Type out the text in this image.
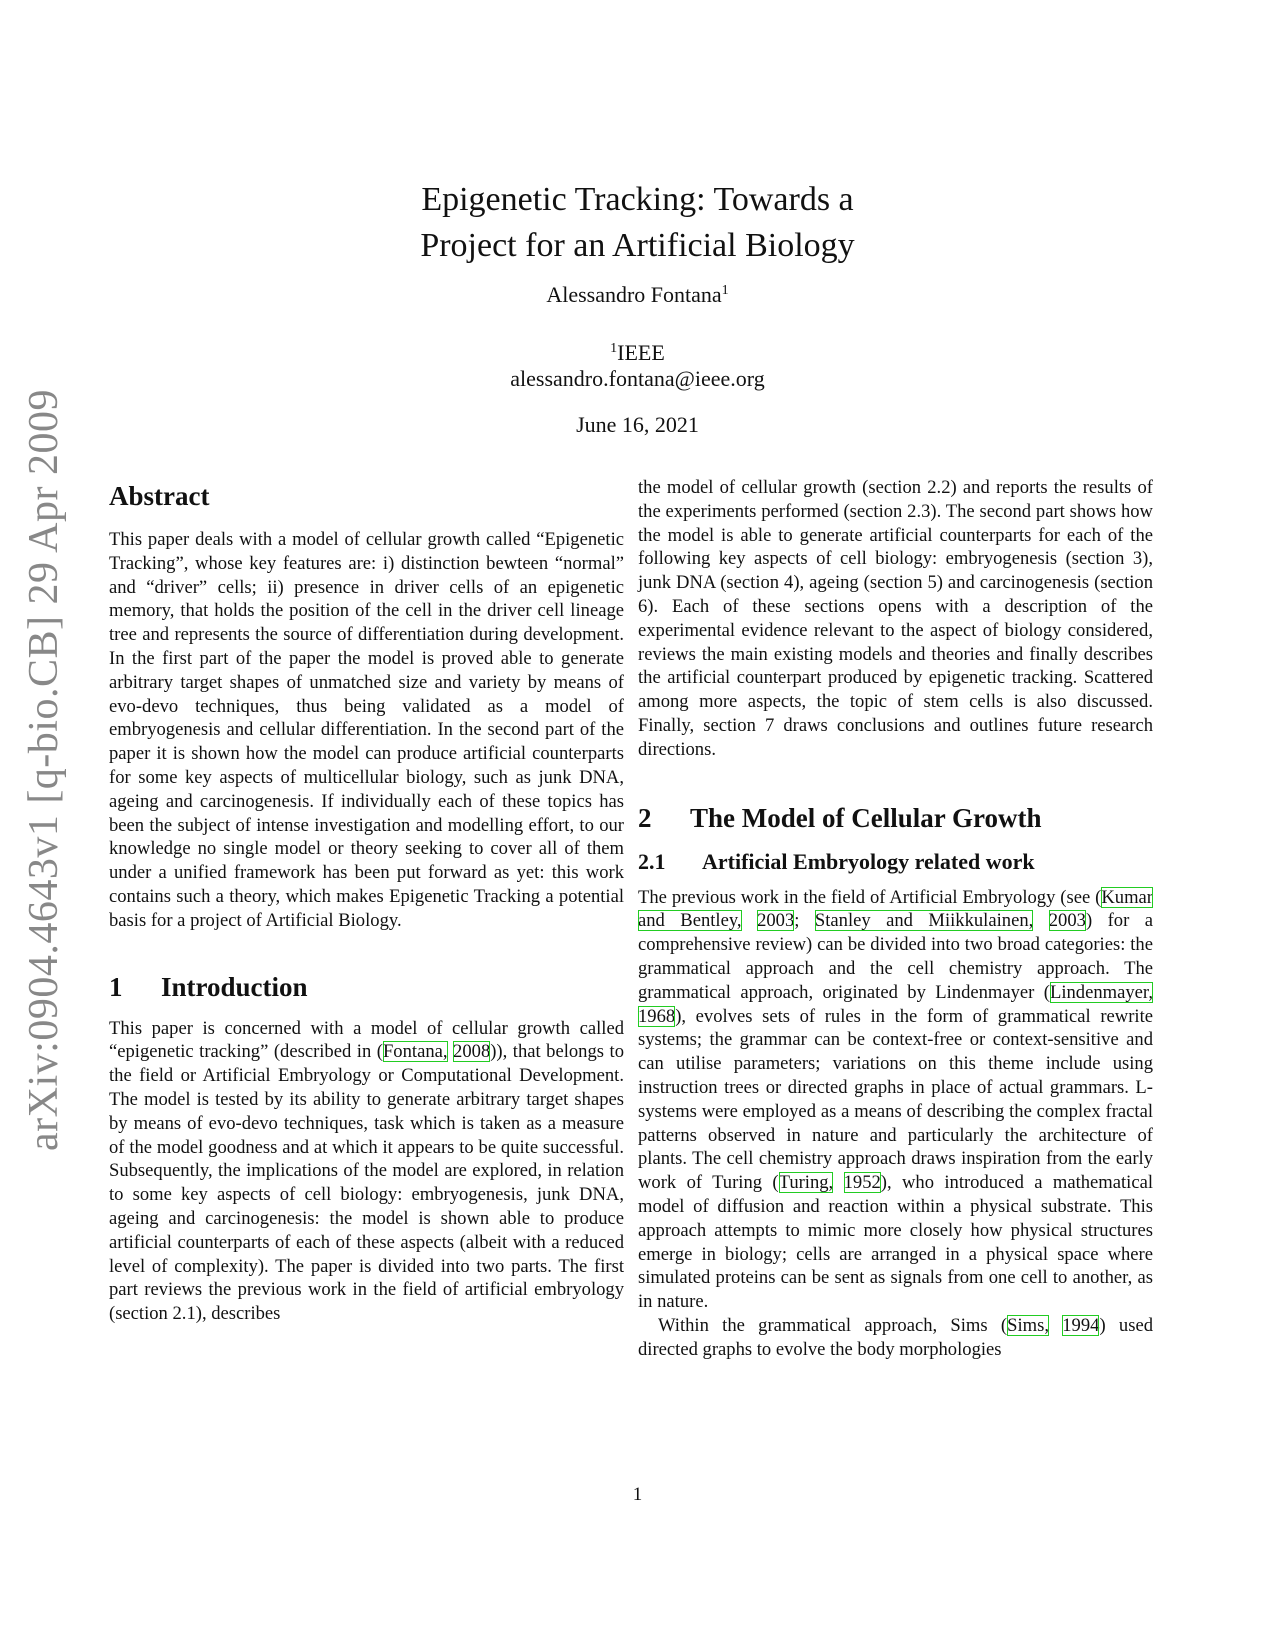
arXiv:0904.4643v1 [q-bio.CB] 29 Apr 2009
Epigenetic Tracking: Towards a
Project for an Artificial Biology
Alessandro Fontana$^1$
$^1$IEEE
alessandro.fontana@ieee.org
June 16, 2021
Abstract

This paper deals with a model of cellular growth called “Epigenetic Tracking”, whose key features are: i) distinction bewteen “normal” and “driver” cells; ii) presence in driver cells of an epigenetic memory, that holds the position of the cell in the driver cell lineage tree and represents the source of differentiation during development. In the first part of the paper the model is proved able to generate arbitrary target shapes of unmatched size and variety by means of evo-devo techniques, thus being validated as a model of embryogenesis and cellular differentiation. In the second part of the paper it is shown how the model can produce artificial counterparts for some key aspects of multicellular biology, such as junk DNA, ageing and carcinogenesis. If individually each of these topics has been the subject of intense investigation and modelling effort, to our knowledge no single model or theory seeking to cover all of them under a unified framework has been put forward as yet: this work contains such a theory, which makes Epigenetic Tracking a potential basis for a project of Artificial Biology.

1 Introduction

This paper is concerned with a model of cellular growth called “epigenetic tracking” (described in (Fontana, 2008)), that belongs to the field or Artificial Embryology or Computational Development. The model is tested by its ability to generate arbitrary target shapes by means of evo-devo techniques, task which is taken as a measure of the model goodness and at which it appears to be quite successful. Subsequently, the implications of the model are explored, in relation to some key aspects of cell biology: embryogenesis, junk DNA, ageing and carcinogenesis: the model is shown able to produce artificial counterparts of each of these aspects (albeit with a reduced level of complexity). The paper is divided into two parts. The first part reviews the previous work in the field of artificial embryology (section 2.1), describes

the model of cellular growth (section 2.2) and reports the results of the experiments performed (section 2.3). The second part shows how the model is able to generate artificial counterparts for each of the following key aspects of cell biology: embryogenesis (section 3), junk DNA (section 4), ageing (section 5) and carcinogenesis (section 6). Each of these sections opens with a description of the experimental evidence relevant to the aspect of biology considered, reviews the main existing models and theories and finally describes the artificial counterpart produced by epigenetic tracking. Scattered among more aspects, the topic of stem cells is also discussed. Finally, section 7 draws conclusions and outlines future research directions.

2 The Model of Cellular Growth
2.1 Artificial Embryology related work

The previous work in the field of Artificial Embryology (see (Kumar and Bentley, 2003; Stanley and Miikkulainen, 2003) for a comprehensive review) can be divided into two broad categories: the grammatical approach and the cell chemistry approach. The grammatical approach, originated by Lindenmayer (Lindenmayer, 1968), evolves sets of rules in the form of grammatical rewrite systems; the grammar can be context-free or context-sensitive and can utilise parameters; variations on this theme include using instruction trees or directed graphs in place of actual grammars. L-systems were employed as a means of describing the complex fractal patterns observed in nature and particularly the architecture of plants. The cell chemistry approach draws inspiration from the early work of Turing (Turing, 1952), who introduced a mathematical model of diffusion and reaction within a physical substrate. This approach attempts to mimic more closely how physical structures emerge in biology; cells are arranged in a physical space where simulated proteins can be sent as signals from one cell to another, as in nature.

Within the grammatical approach, Sims (Sims, 1994) used directed graphs to evolve the body morphologies

1
